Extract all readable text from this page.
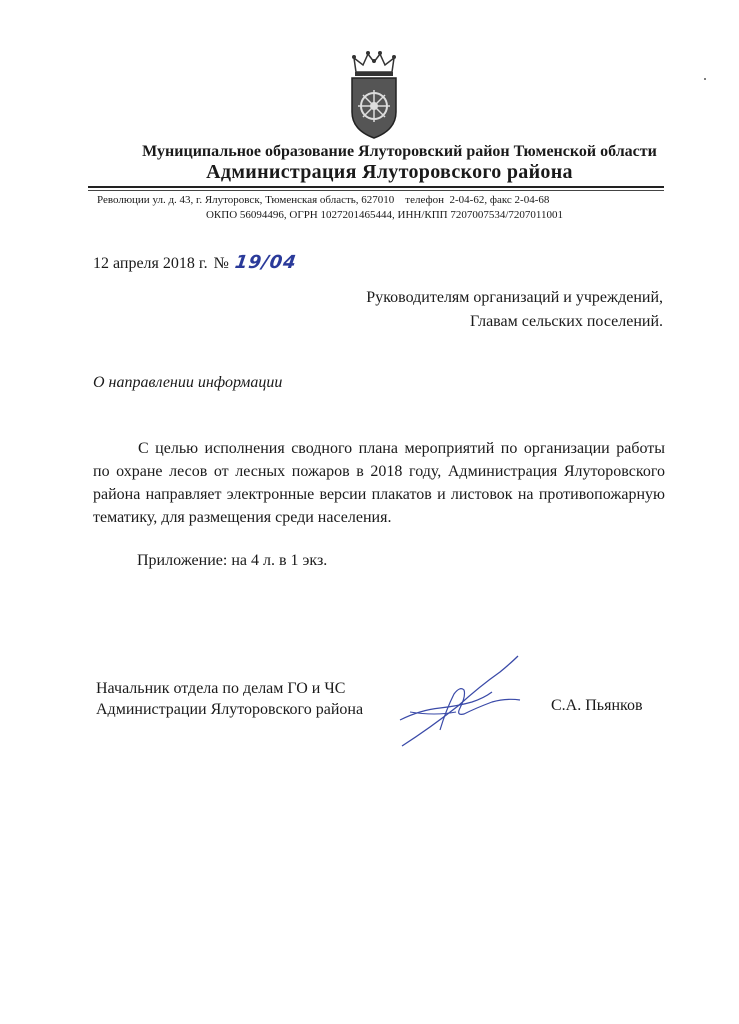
Муниципальное образование Ялуторовский район Тюменской области
Администрация Ялуторовского района
Революции ул. д. 43, г. Ялуторовск, Тюменская область, 627010    телефон  2-04-62, факс 2-04-68
ОКПО 56094496, ОГРН 1027201465444, ИНН/КПП 7207007534/7207011001
12 апреля 2018 г. № 19/04
Руководителям организаций и учреждений,
Главам сельских поселений.
О направлении информации
С целью исполнения сводного плана мероприятий по организации работы по охране лесов от лесных пожаров в 2018 году, Администрация Ялуторовского района направляет электронные версии плакатов и листовок на противопожарную тематику, для размещения среди населения.
Приложение: на 4 л. в 1 экз.
Начальник отдела по делам ГО и ЧС
Администрации Ялуторовского района	С.А. Пьянков
